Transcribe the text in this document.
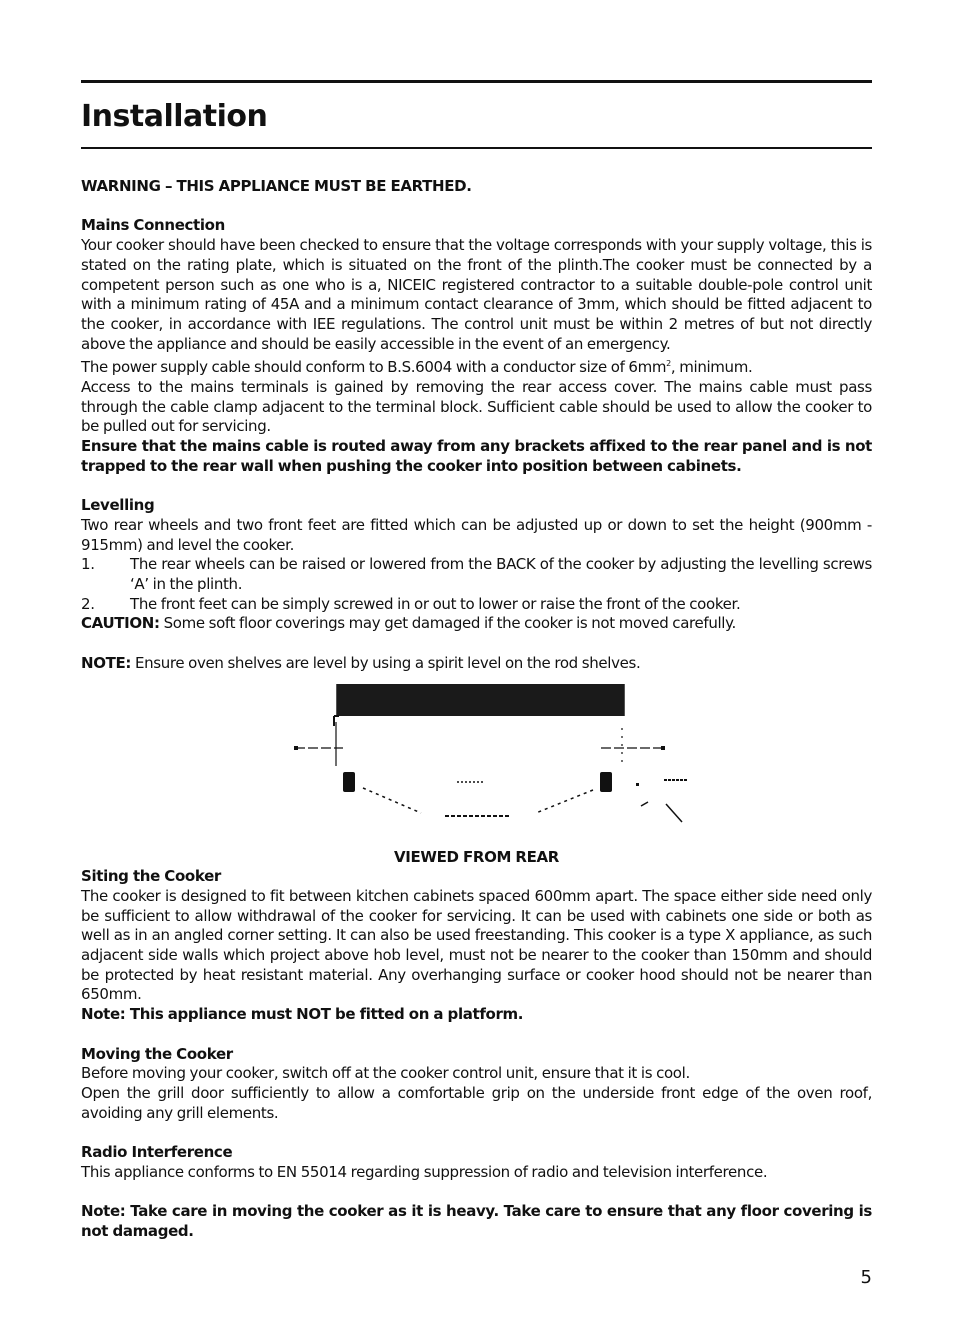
Installation

WARNING – THIS APPLIANCE MUST BE EARTHED.

Mains Connection

Your cooker should have been checked to ensure that the voltage corresponds with your supply voltage, this is stated on the rating plate, which is situated on the front of the plinth.The cooker must be connected by a competent person such as one who is a, NICEIC registered contractor to a suitable double-pole control unit with a minimum rating of 45A and a minimum contact clearance of 3mm, which should be fitted adjacent to the cooker, in accordance with IEE regulations. The control unit must be within 2 metres of but not directly above the appliance and should be easily accessible in the event of an emergency.

The power supply cable should conform to B.S.6004 with a conductor size of $6mm^2$, minimum.

Access to the mains terminals is gained by removing the rear access cover. The mains cable must pass through the cable clamp adjacent to the terminal block. Sufficient cable should be used to allow the cooker to be pulled out for servicing.

Ensure that the mains cable is routed away from any brackets affixed to the rear panel and is not trapped to the rear wall when pushing the cooker into position between cabinets.

Levelling

Two rear wheels and two front feet are fitted which can be adjusted up or down to set the height (900mm - 915mm) and level the cooker.

1.	The rear wheels can be raised or lowered from the BACK of the cooker by adjusting the levelling screws ‘A’ in the plinth.
2.	The front feet can be simply screwed in or out to lower or raise the front of the cooker.

CAUTION: Some soft floor coverings may get damaged if the cooker is not moved carefully.

NOTE: Ensure oven shelves are level by using a spirit level on the rod shelves.

VIEWED FROM REAR

Siting the Cooker

The cooker is designed to fit between kitchen cabinets spaced 600mm apart. The space either side need only be sufficient to allow withdrawal of the cooker for servicing. It can be used with cabinets one side or both as well as in an angled corner setting. It can also be used freestanding. This cooker is a type X appliance, as such adjacent side walls which project above hob level, must not be nearer to the cooker than 150mm and should be protected by heat resistant material. Any overhanging surface or cooker hood should not be nearer than 650mm.

Note: This appliance must NOT be fitted on a platform.

Moving the Cooker

Before moving your cooker, switch off at the cooker control unit, ensure that it is cool.

Open the grill door sufficiently to allow a comfortable grip on the underside front edge of the oven roof, avoiding any grill elements.

Radio Interference

This appliance conforms to EN 55014 regarding suppression of radio and television interference.

Note: Take care in moving the cooker as it is heavy. Take care to ensure that any floor covering is not damaged.

5
